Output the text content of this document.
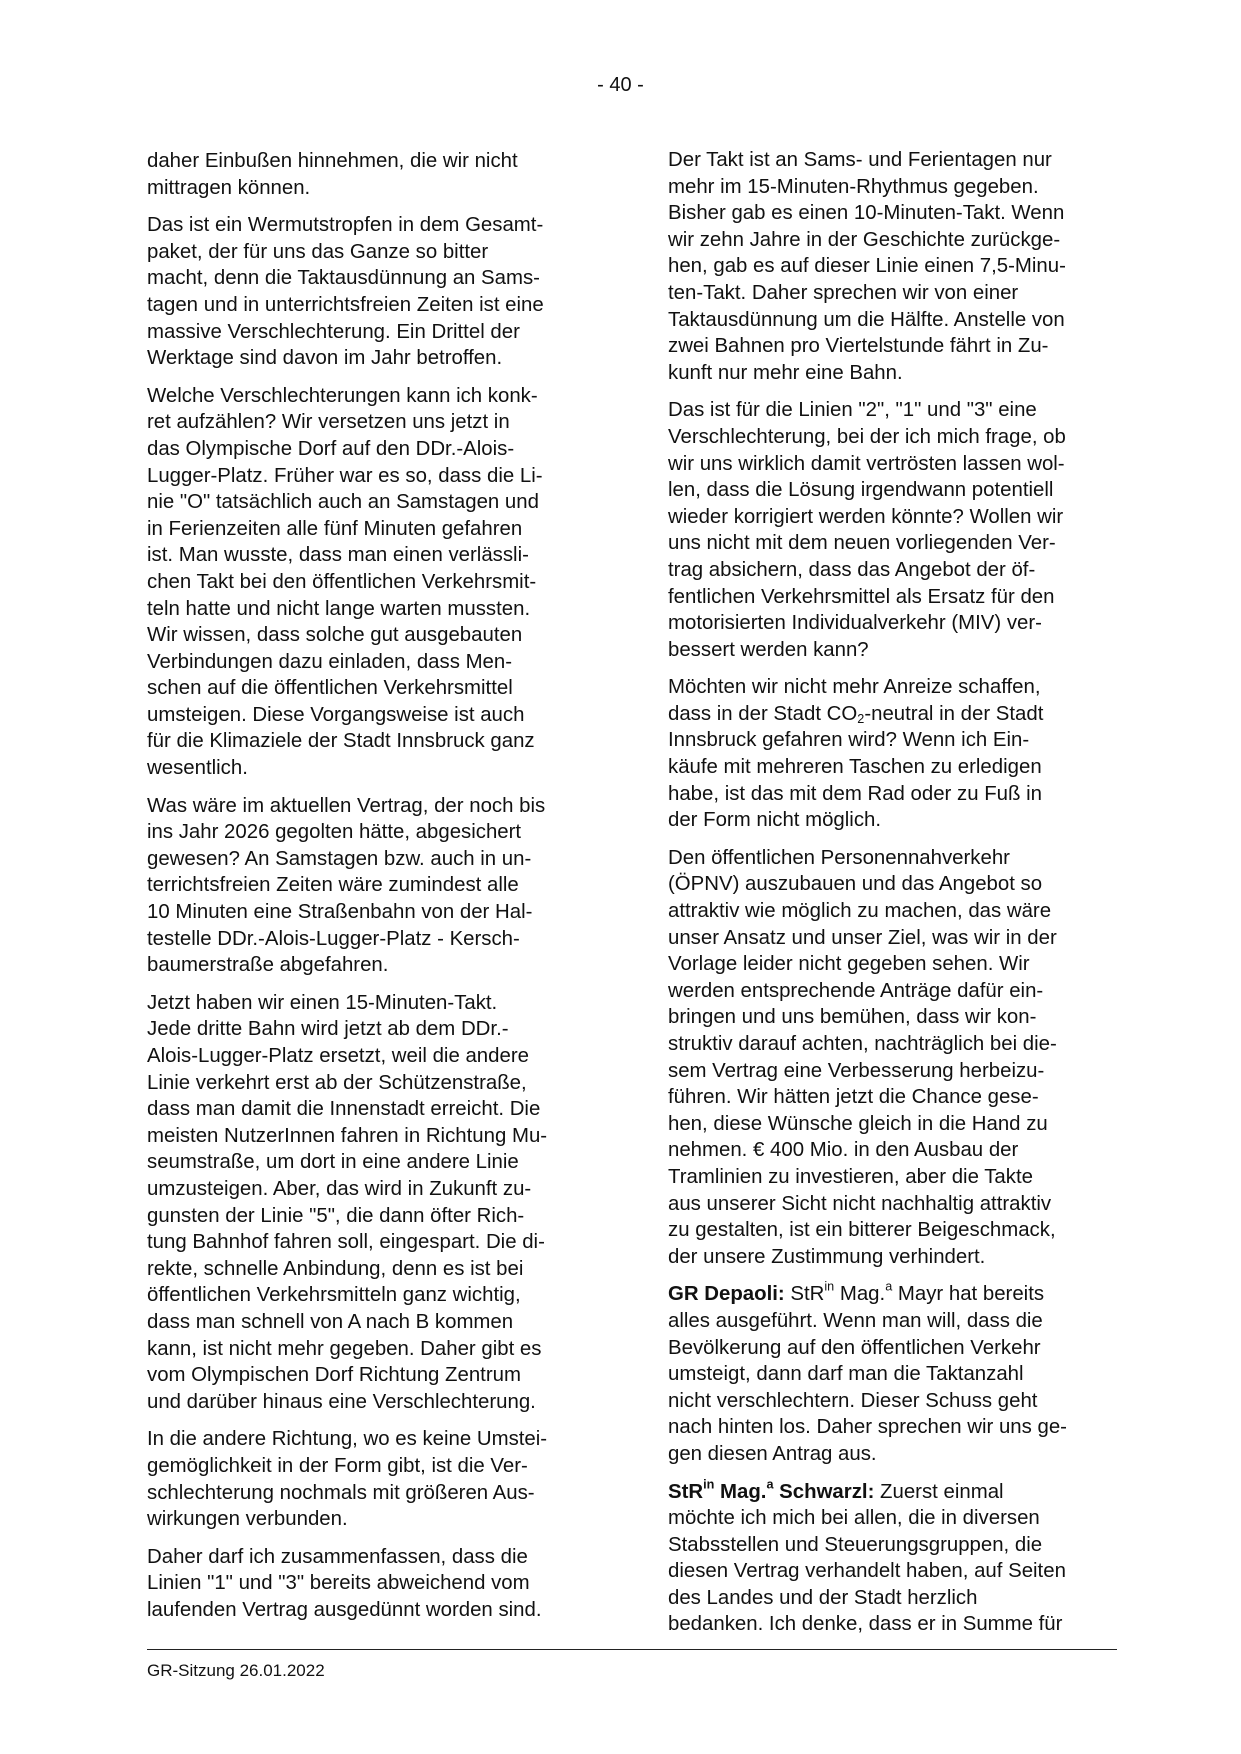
- 40 -

daher Einbußen hinnehmen, die wir nicht
mittragen können.

Das ist ein Wermutstropfen in dem Gesamt-
paket, der für uns das Ganze so bitter
macht, denn die Taktausdünnung an Sams-
tagen und in unterrichtsfreien Zeiten ist eine
massive Verschlechterung. Ein Drittel der
Werktage sind davon im Jahr betroffen.

Welche Verschlechterungen kann ich konk-
ret aufzählen? Wir versetzen uns jetzt in
das Olympische Dorf auf den DDr.-Alois-
Lugger-Platz. Früher war es so, dass die Li-
nie "O" tatsächlich auch an Samstagen und
in Ferienzeiten alle fünf Minuten gefahren
ist. Man wusste, dass man einen verlässli-
chen Takt bei den öffentlichen Verkehrsmit-
teln hatte und nicht lange warten mussten.
Wir wissen, dass solche gut ausgebauten
Verbindungen dazu einladen, dass Men-
schen auf die öffentlichen Verkehrsmittel
umsteigen. Diese Vorgangsweise ist auch
für die Klimaziele der Stadt Innsbruck ganz
wesentlich.

Was wäre im aktuellen Vertrag, der noch bis
ins Jahr 2026 gegolten hätte, abgesichert
gewesen? An Samstagen bzw. auch in un-
terrichtsfreien Zeiten wäre zumindest alle
10 Minuten eine Straßenbahn von der Hal-
testelle DDr.-Alois-Lugger-Platz - Kersch-
baumerstraße abgefahren.

Jetzt haben wir einen 15-Minuten-Takt.
Jede dritte Bahn wird jetzt ab dem DDr.-
Alois-Lugger-Platz ersetzt, weil die andere
Linie verkehrt erst ab der Schützenstraße,
dass man damit die Innenstadt erreicht. Die
meisten NutzerInnen fahren in Richtung Mu-
seumstraße, um dort in eine andere Linie
umzusteigen. Aber, das wird in Zukunft zu-
gunsten der Linie "5", die dann öfter Rich-
tung Bahnhof fahren soll, eingespart. Die di-
rekte, schnelle Anbindung, denn es ist bei
öffentlichen Verkehrsmitteln ganz wichtig,
dass man schnell von A nach B kommen
kann, ist nicht mehr gegeben. Daher gibt es
vom Olympischen Dorf Richtung Zentrum
und darüber hinaus eine Verschlechterung.

In die andere Richtung, wo es keine Umstei-
gemöglichkeit in der Form gibt, ist die Ver-
schlechterung nochmals mit größeren Aus-
wirkungen verbunden.

Daher darf ich zusammenfassen, dass die
Linien "1" und "3" bereits abweichend vom
laufenden Vertrag ausgedünnt worden sind.

Der Takt ist an Sams- und Ferientagen nur
mehr im 15-Minuten-Rhythmus gegeben.
Bisher gab es einen 10-Minuten-Takt. Wenn
wir zehn Jahre in der Geschichte zurückge-
hen, gab es auf dieser Linie einen 7,5-Minu-
ten-Takt. Daher sprechen wir von einer
Taktausdünnung um die Hälfte. Anstelle von
zwei Bahnen pro Viertelstunde fährt in Zu-
kunft nur mehr eine Bahn.

Das ist für die Linien "2", "1" und "3" eine
Verschlechterung, bei der ich mich frage, ob
wir uns wirklich damit vertrösten lassen wol-
len, dass die Lösung irgendwann potentiell
wieder korrigiert werden könnte? Wollen wir
uns nicht mit dem neuen vorliegenden Ver-
trag absichern, dass das Angebot der öf-
fentlichen Verkehrsmittel als Ersatz für den
motorisierten Individualverkehr (MIV) ver-
bessert werden kann?

Möchten wir nicht mehr Anreize schaffen,
dass in der Stadt $CO_2$-neutral in der Stadt
Innsbruck gefahren wird? Wenn ich Ein-
käufe mit mehreren Taschen zu erledigen
habe, ist das mit dem Rad oder zu Fuß in
der Form nicht möglich.

Den öffentlichen Personennahverkehr
(ÖPNV) auszubauen und das Angebot so
attraktiv wie möglich zu machen, das wäre
unser Ansatz und unser Ziel, was wir in der
Vorlage leider nicht gegeben sehen. Wir
werden entsprechende Anträge dafür ein-
bringen und uns bemühen, dass wir kon-
struktiv darauf achten, nachträglich bei die-
sem Vertrag eine Verbesserung herbeizu-
führen. Wir hätten jetzt die Chance gese-
hen, diese Wünsche gleich in die Hand zu
nehmen. € 400 Mio. in den Ausbau der
Tramlinien zu investieren, aber die Takte
aus unserer Sicht nicht nachhaltig attraktiv
zu gestalten, ist ein bitterer Beigeschmack,
der unsere Zustimmung verhindert.

GR Depaoli: StR$^{in}$ Mag.$^a$ Mayr hat bereits
alles ausgeführt. Wenn man will, dass die
Bevölkerung auf den öffentlichen Verkehr
umsteigt, dann darf man die Taktanzahl
nicht verschlechtern. Dieser Schuss geht
nach hinten los. Daher sprechen wir uns ge-
gen diesen Antrag aus.

StR$^{in}$ Mag.$^a$ Schwarzl: Zuerst einmal
möchte ich mich bei allen, die in diversen
Stabsstellen und Steuerungsgruppen, die
diesen Vertrag verhandelt haben, auf Seiten
des Landes und der Stadt herzlich
bedanken. Ich denke, dass er in Summe für

GR-Sitzung 26.01.2022
